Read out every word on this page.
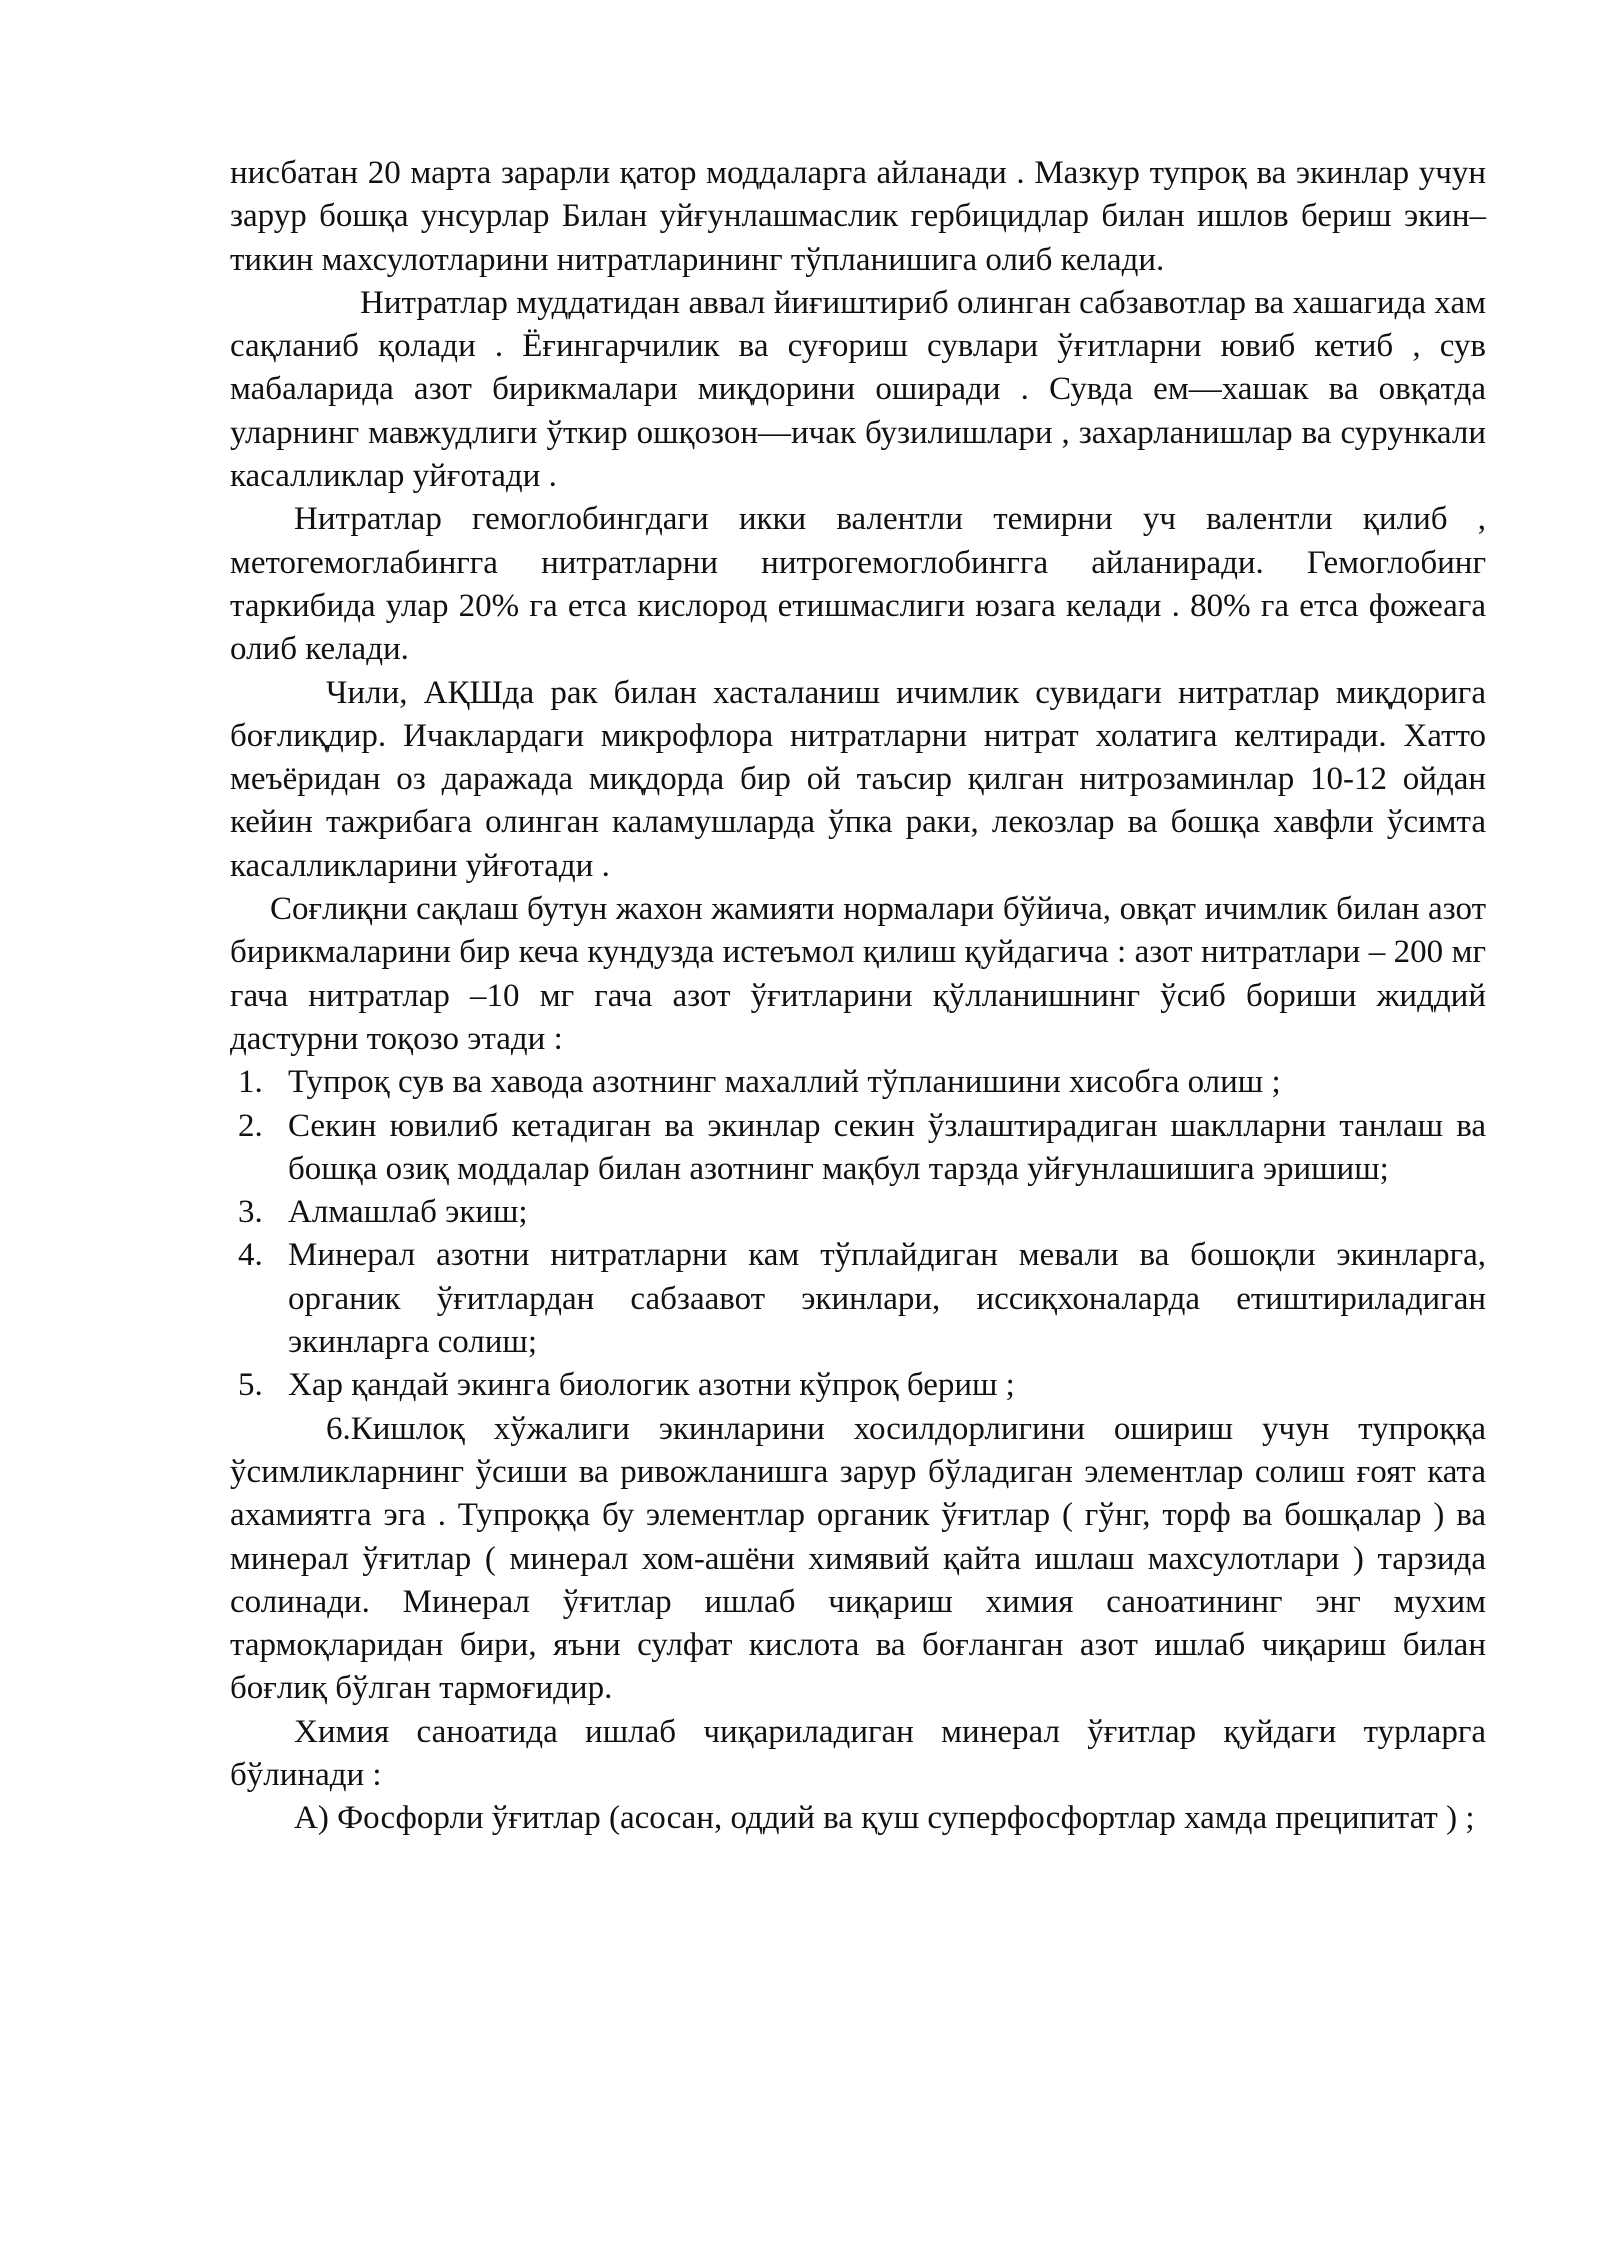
нисбатан 20 марта зарарли қатор моддаларга айланади . Мазкур тупроқ ва экинлар учун зарур бошқа унсурлар Билан уйғунлашмаслик гербицидлар билан ишлов бериш экин–тикин махсулотларини нитратларининг тўпланишига олиб келади.

Нитратлар муддатидан аввал йиғиштириб олинган сабзавотлар ва хашагида хам сақланиб қолади . Ёғингарчилик ва суғориш сувлари ўғитларни ювиб кетиб , сув мабаларида азот бирикмалари миқдорини оширади . Сувда ем—хашак ва овқатда уларнинг мавжудлиги ўткир ошқозон—ичак бузилишлари , захарланишлар ва сурункали касалликлар уйғотади .

Нитратлар гемоглобингдаги икки валентли темирни уч валентли қилиб , метогемоглабингга нитратларни нитрогемоглобингга айланиради. Гемоглобинг таркибида улар 20% га етса кислород етишмаслиги юзага келади . 80% га етса фожеага олиб келади.

Чили, АҚШда рак билан хасталаниш ичимлик сувидаги нитратлар миқдорига боғлиқдир. Ичаклардаги микрофлора нитратларни нитрат холатига келтиради. Хатто меъёридан оз даражада миқдорда бир ой таъсир қилган нитрозаминлар 10-12 ойдан кейин тажрибага олинган каламушларда ўпка раки, лекозлар ва бошқа хавфли ўсимта касалликларини уйғотади .

Соғлиқни сақлаш бутун жахон жамияти нормалари бўйича, овқат ичимлик билан азот бирикмаларини бир кеча кундузда истеъмол қилиш қуйдагича : азот нитратлари – 200 мг гача нитратлар –10 мг гача азот ўғитларини қўлланишнинг ўсиб бориши жиддий дастурни тоқозо этади :

1. Тупроқ сув ва хавода азотнинг махаллий тўпланишини хисобга олиш ;
2. Секин ювилиб кетадиган ва экинлар секин ўзлаштирадиган шаклларни танлаш ва бошқа озиқ моддалар билан азотнинг мақбул тарзда уйғунлашишига эришиш;
3. Алмашлаб экиш;
4. Минерал азотни нитратларни кам тўплайдиган мевали ва бошоқли экинларга, органик ўғитлардан сабзаавот экинлари, иссиқхоналарда етиштириладиган экинларга солиш;
5. Хар қандай экинга биологик азотни кўпроқ бериш ;

6.Кишлоқ хўжалиги экинларини хосилдорлигини ошириш учун тупроққа ўсимликларнинг ўсиши ва ривожланишга зарур бўладиган элементлар солиш ғоят ката ахамиятга эга . Тупроққа бу элементлар органик ўғитлар ( гўнг, торф ва бошқалар ) ва минерал ўғитлар ( минерал хом-ашёни химявий қайта ишлаш махсулотлари ) тарзида солинади. Минерал ўғитлар ишлаб чиқариш химия саноатининг энг мухим тармоқларидан бири, яъни сулфат кислота ва боғланган азот ишлаб чиқариш билан боғлиқ бўлган тармоғидир.

Химия саноатида ишлаб чиқариладиган минерал ўғитлар қуйдаги турларга бўлинади :

А) Фосфорли ўғитлар (асосан, оддий ва қуш суперфосфортлар хамда преципитат ) ;
